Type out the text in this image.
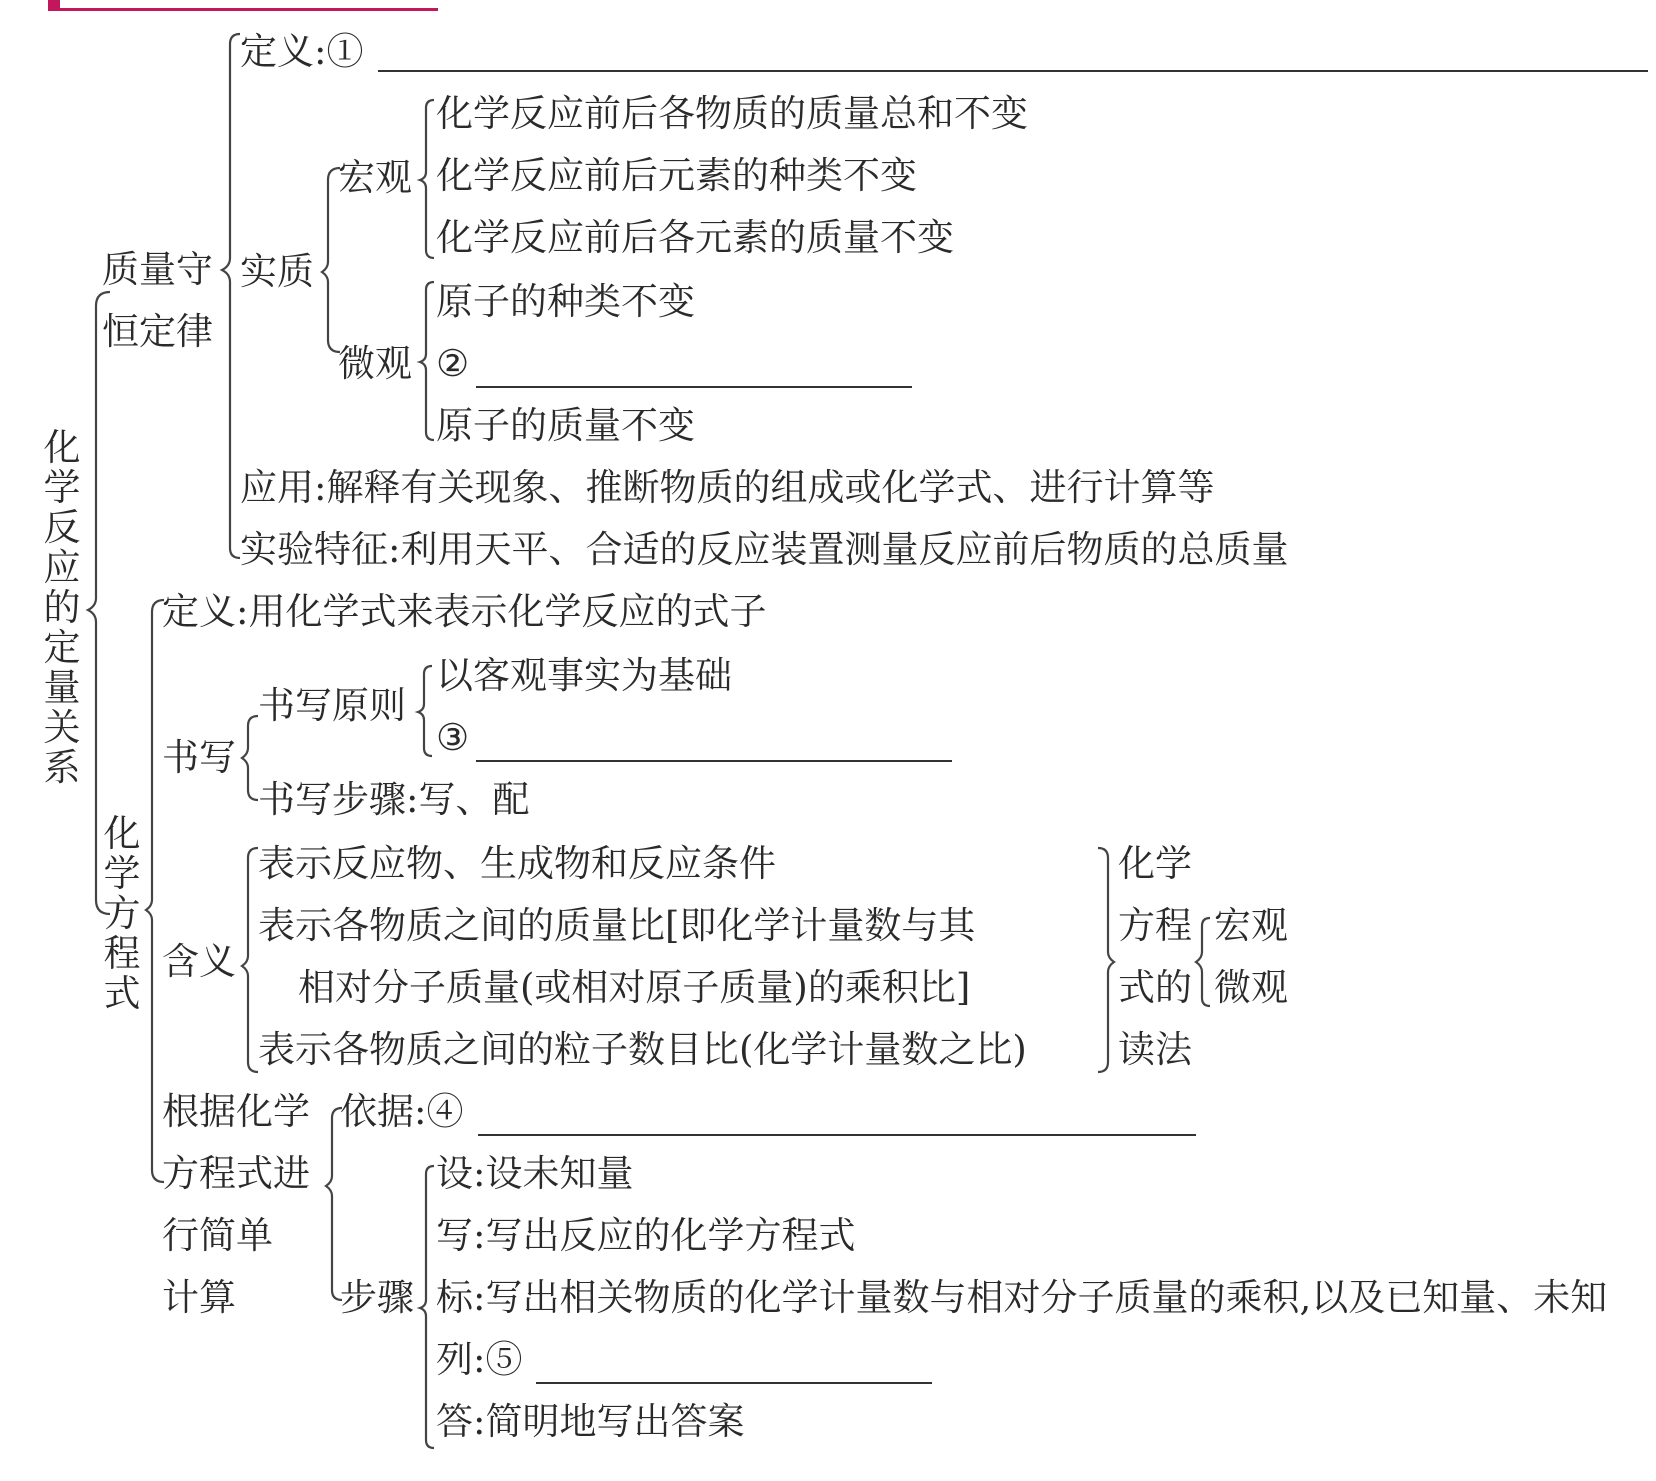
化
学
反
应
的
定
量
关
系
质量守
恒定律
定义:①
实质
宏观
化学反应前后各物质的质量总和不变
化学反应前后元素的种类不变
化学反应前后各元素的质量不变
微观
原子的种类不变
②
原子的质量不变
应用:解释有关现象、推断物质的组成或化学式、进行计算等
实验特征:利用天平、合适的反应装置测量反应前后物质的总质量
化
学
方
程
式
定义:用化学式来表示化学反应的式子
书写
书写原则
以客观事实为基础
③
书写步骤:写、配
含义
表示反应物、生成物和反应条件
表示各物质之间的质量比[即化学计量数与其
相对分子质量(或相对原子质量)的乘积比]
表示各物质之间的粒子数目比(化学计量数之比)
化学
方程
式的
读法
宏观
微观
根据化学
方程式进
行简单
计算
依据:④
步骤
设:设未知量
写:写出反应的化学方程式
标:写出相关物质的化学计量数与相对分子质量的乘积,以及已知量、未知
列:⑤
答:简明地写出答案
